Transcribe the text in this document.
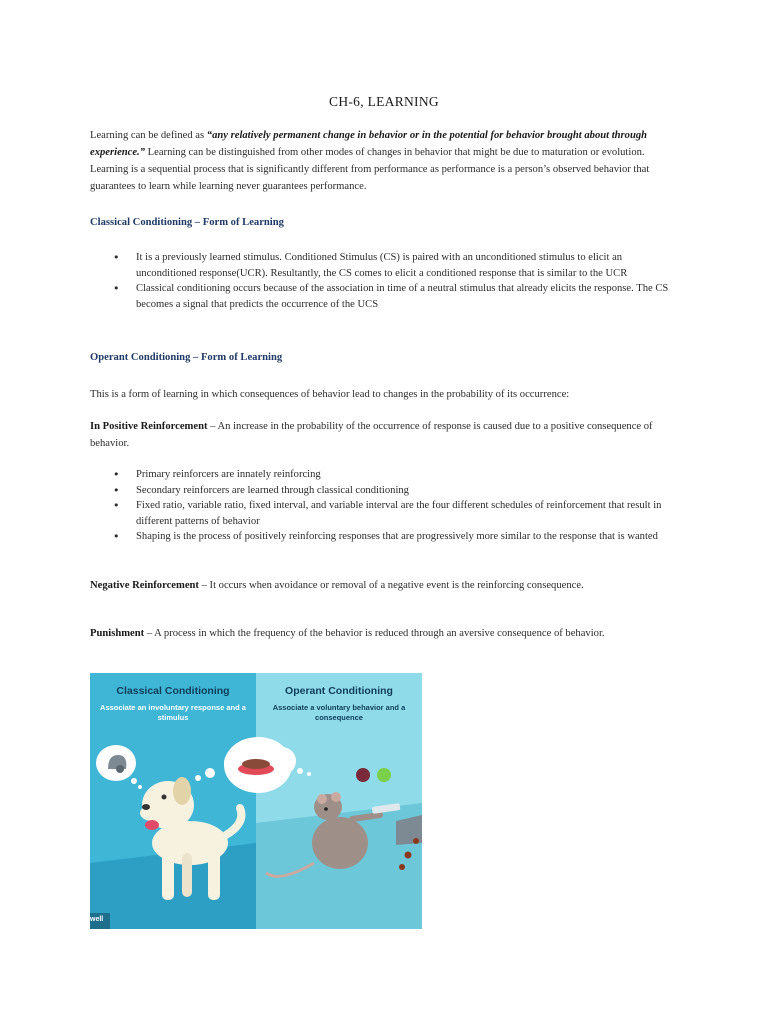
CH-6, LEARNING
Learning can be defined as “any relatively permanent change in behavior or in the potential for behavior brought about through experience.” Learning can be distinguished from other modes of changes in behavior that might be due to maturation or evolution. Learning is a sequential process that is significantly different from performance as performance is a person’s observed behavior that guarantees to learn while learning never guarantees performance.
Classical Conditioning – Form of Learning
• It is a previously learned stimulus. Conditioned Stimulus (CS) is paired with an unconditioned stimulus to elicit an unconditioned response(UCR). Resultantly, the CS comes to elicit a conditioned response that is similar to the UCR
• Classical conditioning occurs because of the association in time of a neutral stimulus that already elicits the response. The CS becomes a signal that predicts the occurrence of the UCS
Operant Conditioning – Form of Learning
This is a form of learning in which consequences of behavior lead to changes in the probability of its occurrence:
In Positive Reinforcement – An increase in the probability of the occurrence of response is caused due to a positive consequence of behavior.
• Primary reinforcers are innately reinforcing
• Secondary reinforcers are learned through classical conditioning
• Fixed ratio, variable ratio, fixed interval, and variable interval are the four different schedules of reinforcement that result in different patterns of behavior
• Shaping is the process of positively reinforcing responses that are progressively more similar to the response that is wanted
Negative Reinforcement – It occurs when avoidance or removal of a negative event is the reinforcing consequence.
Punishment – A process in which the frequency of the behavior is reduced through an aversive consequence of behavior.
Classical Conditioning
Associate an involuntary response and a stimulus
Operant Conditioning
Associate a voluntary behavior and a consequence
well
